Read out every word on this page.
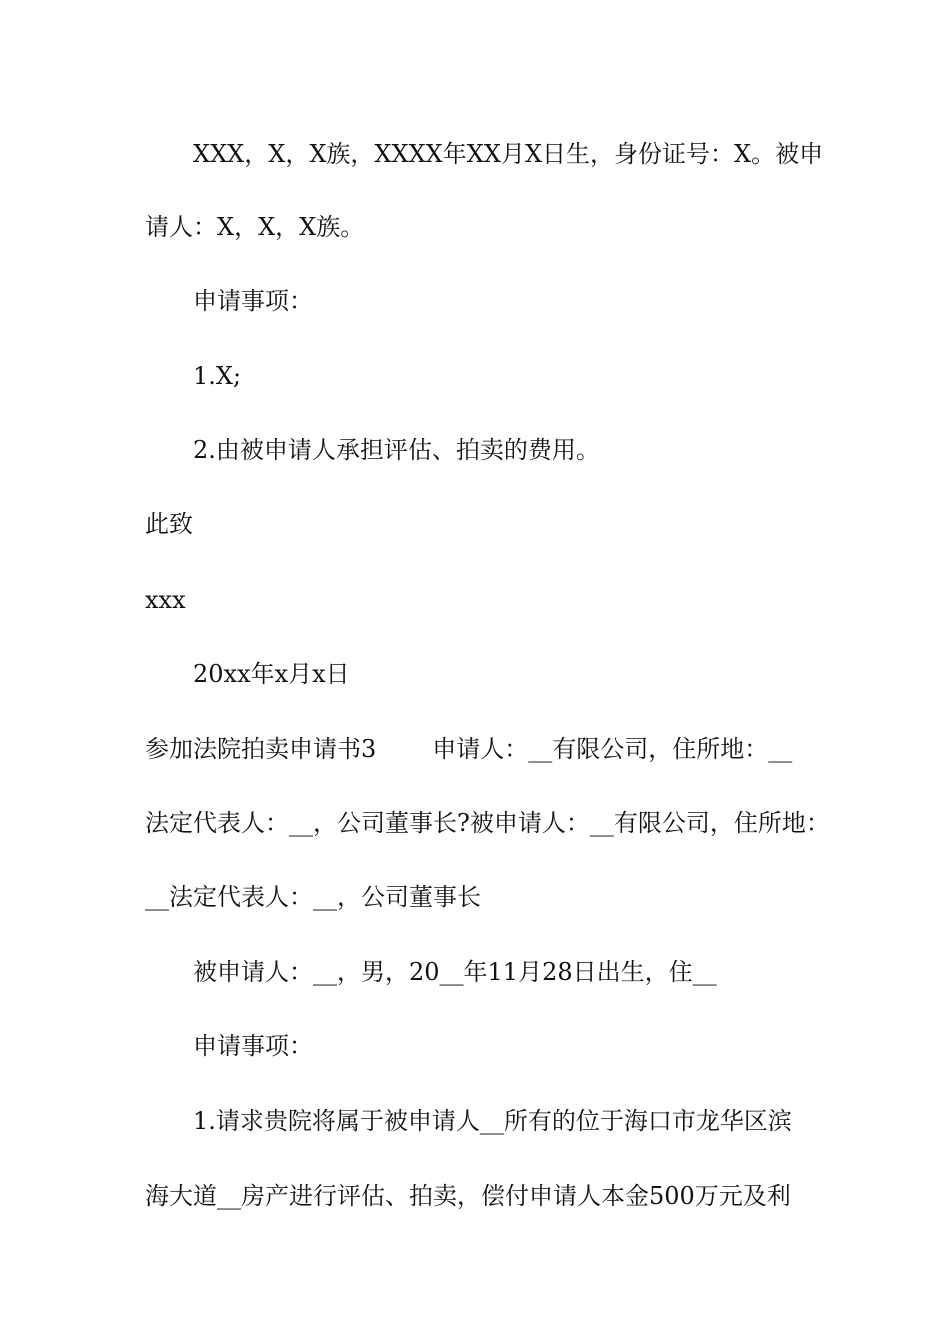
XXX，X，X族，XXXX年XX月X日生，身份证号：X。被申
请人：X，X，X族。
申请事项：
1.X;
2.由被申请人承担评估、拍卖的费用。
此致
xxx
20xx年x月x日
参加法院拍卖申请书3 申请人：__有限公司，住所地：__
法定代表人：__，公司董事长?被申请人：__有限公司，住所地：
__法定代表人：__，公司董事长
被申请人：__，男，20__年11月28日出生，住__
申请事项：
1.请求贵院将属于被申请人__所有的位于海口市龙华区滨
海大道__房产进行评估、拍卖，偿付申请人本金500万元及利
